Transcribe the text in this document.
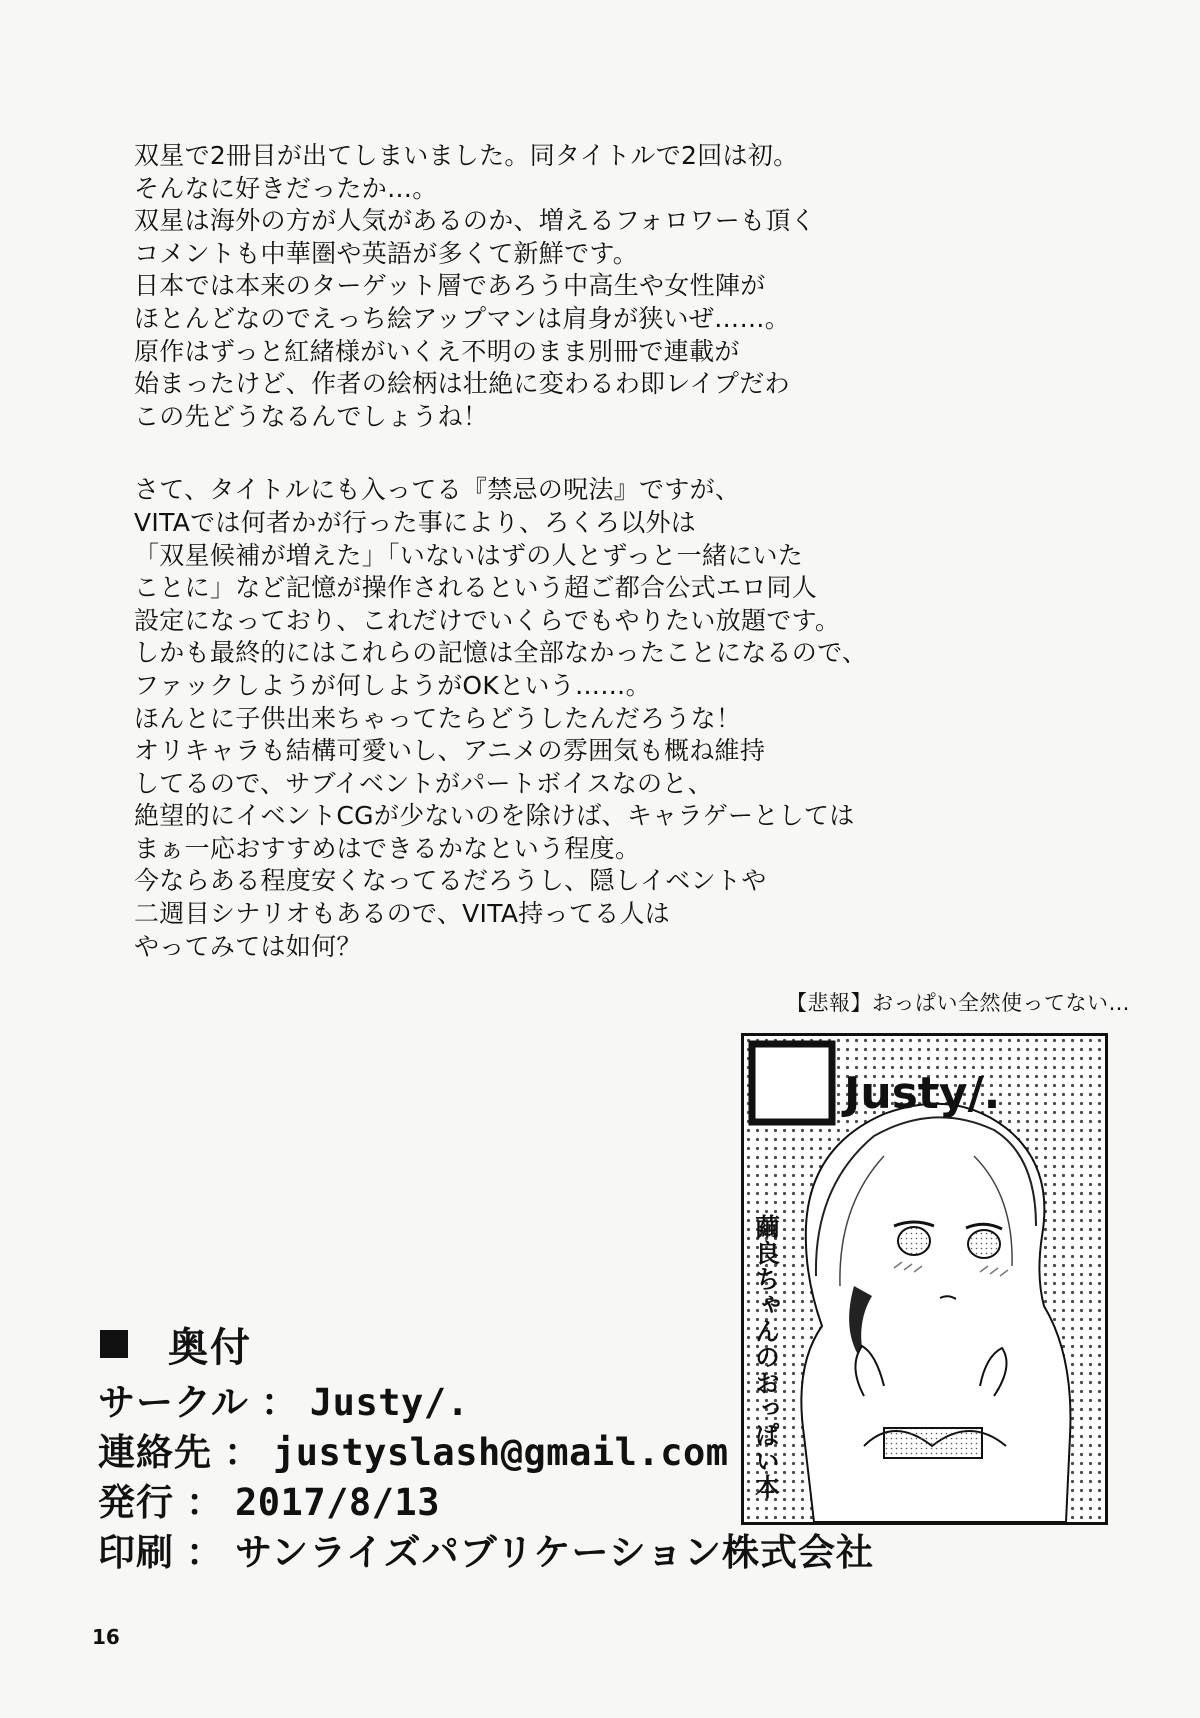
双星で2冊目が出てしまいました。同タイトルで2回は初。
そんなに好きだったか…。
双星は海外の方が人気があるのか、増えるフォロワーも頂く
コメントも中華圏や英語が多くて新鮮です。
日本では本来のターゲット層であろう中高生や女性陣が
ほとんどなのでえっち絵アップマンは肩身が狭いぜ……。
原作はずっと紅緒様がいくえ不明のまま別冊で連載が
始まったけど、作者の絵柄は壮絶に変わるわ即レイプだわ
この先どうなるんでしょうね！
さて、タイトルにも入ってる『禁忌の呪法』ですが、
VITAでは何者かが行った事により、ろくろ以外は
「双星候補が増えた」「いないはずの人とずっと一緒にいた
ことに」など記憶が操作されるという超ご都合公式エロ同人
設定になっており、これだけでいくらでもやりたい放題です。
しかも最終的にはこれらの記憶は全部なかったことになるので、
ファックしようが何しようがOKという……。
ほんとに子供出来ちゃってたらどうしたんだろうな！
オリキャラも結構可愛いし、アニメの雰囲気も概ね維持
してるので、サブイベントがパートボイスなのと、
絶望的にイベントCGが少ないのを除けば、キャラゲーとしては
まぁ一応おすすめはできるかなという程度。
今ならある程度安くなってるだろうし、隠しイベントや
二週目シナリオもあるので、VITA持ってる人は
やってみては如何？
【悲報】おっぱい全然使ってない…
Justy/.
繭良ちゃんのおっぱい本
奥付
サークル ： Justy/.
連絡先 ： justyslash@gmail.com
発行 ： 2017/8/13
印刷 ： サンライズパブリケーション株式会社
16
